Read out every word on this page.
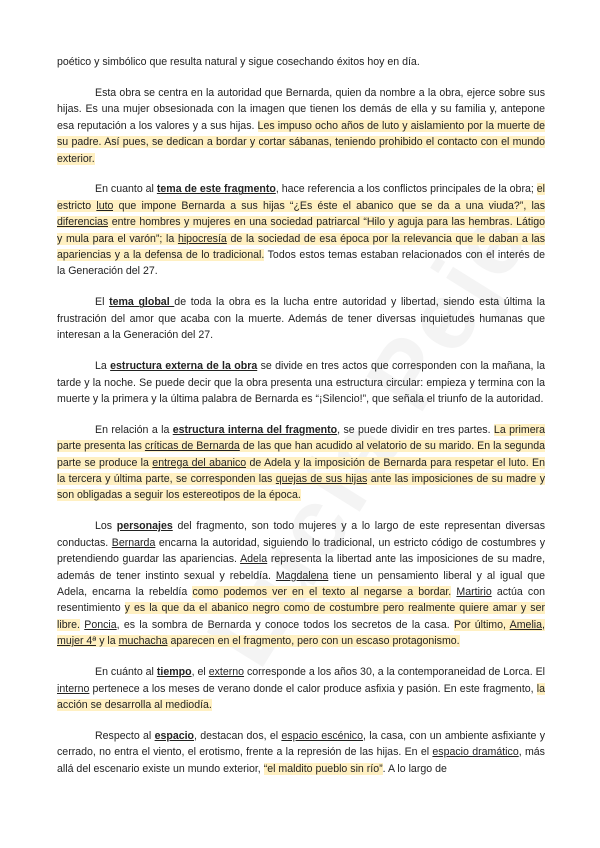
poético y simbólico que resulta natural y sigue cosechando éxitos hoy en día.

Esta obra se centra en la autoridad que Bernarda, quien da nombre a la obra, ejerce sobre sus hijas. Es una mujer obsesionada con la imagen que tienen los demás de ella y su familia y, antepone esa reputación a los valores y a sus hijas. Les impuso ocho años de luto y aislamiento por la muerte de su padre. Así pues, se dedican a bordar y cortar sábanas, teniendo prohibido el contacto con el mundo exterior.

En cuanto al tema de este fragmento, hace referencia a los conflictos principales de la obra; el estricto luto que impone Bernarda a sus hijas “¿Es éste el abanico que se da a una viuda?”, las diferencias entre hombres y mujeres en una sociedad patriarcal “Hilo y aguja para las hembras. Látigo y mula para el varón”; la hipocresía de la sociedad de esa época por la relevancia que le daban a las apariencias y a la defensa de lo tradicional. Todos estos temas estaban relacionados con el interés de la Generación del 27.

El tema global de toda la obra es la lucha entre autoridad y libertad, siendo esta última la frustración del amor que acaba con la muerte. Además de tener diversas inquietudes humanas que interesan a la Generación del 27.

La estructura externa de la obra se divide en tres actos que corresponden con la mañana, la tarde y la noche. Se puede decir que la obra presenta una estructura circular: empieza y termina con la muerte y la primera y la última palabra de Bernarda es “¡Silencio!”, que señala el triunfo de la autoridad.

En relación a la estructura interna del fragmento, se puede dividir en tres partes. La primera parte presenta las críticas de Bernarda de las que han acudido al velatorio de su marido. En la segunda parte se produce la entrega del abanico de Adela y la imposición de Bernarda para respetar el luto. En la tercera y última parte, se corresponden las quejas de sus hijas ante las imposiciones de su madre y son obligadas a seguir los estereotipos de la época.

Los personajes del fragmento, son todo mujeres y a lo largo de este representan diversas conductas. Bernarda encarna la autoridad, siguiendo lo tradicional, un estricto código de costumbres y pretendiendo guardar las apariencias. Adela representa la libertad ante las imposiciones de su madre, además de tener instinto sexual y rebeldía. Magdalena tiene un pensamiento liberal y al igual que Adela, encarna la rebeldía como podemos ver en el texto al negarse a bordar. Martirio actúa con resentimiento y es la que da el abanico negro como de costumbre pero realmente quiere amar y ser libre. Poncia, es la sombra de Bernarda y conoce todos los secretos de la casa. Por último, Amelia, mujer 4ª y la muchacha aparecen en el fragmento, pero con un escaso protagonismo.

En cuánto al tiempo, el externo corresponde a los años 30, a la contemporaneidad de Lorca. El interno pertenece a los meses de verano donde el calor produce asfixia y pasión. En este fragmento, la acción se desarrolla al mediodía.

Respecto al espacio, destacan dos, el espacio escénico, la casa, con un ambiente asfixiante y cerrado, no entra el viento, el erotismo, frente a la represión de las hijas. En el espacio dramático, más allá del escenario existe un mundo exterior, “el maldito pueblo sin río”. A lo largo de
